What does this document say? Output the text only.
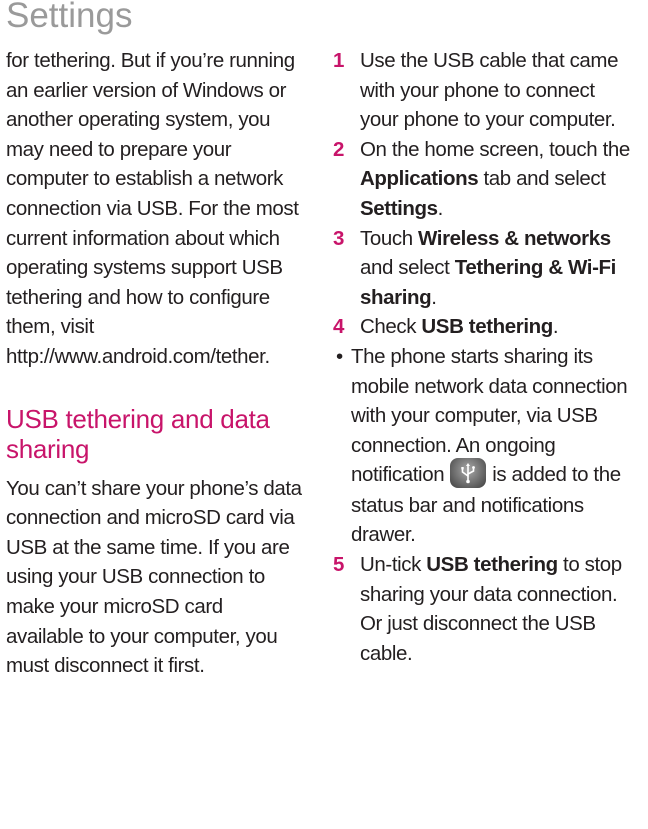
Settings

for tethering. But if you’re running an earlier version of Windows or another operating system, you may need to prepare your computer to establish a network connection via USB. For the most current information about which operating systems support USB tethering and how to configure them, visit http://www.android.com/tether.

USB tethering and data sharing

You can’t share your phone’s data connection and microSD card via USB at the same time. If you are using your USB connection to make your microSD card available to your computer, you must disconnect it first.

1 Use the USB cable that came with your phone to connect your phone to your computer.
2 On the home screen, touch the Applications tab and select Settings.
3 Touch Wireless & networks and select Tethering & Wi-Fi sharing.
4 Check USB tethering.
•
The phone starts sharing its mobile network data connection with your computer, via USB connection. An ongoing notification is added to the status bar and notifications drawer.
5 Un-tick USB tethering to stop sharing your data connection. Or just disconnect the USB cable.
